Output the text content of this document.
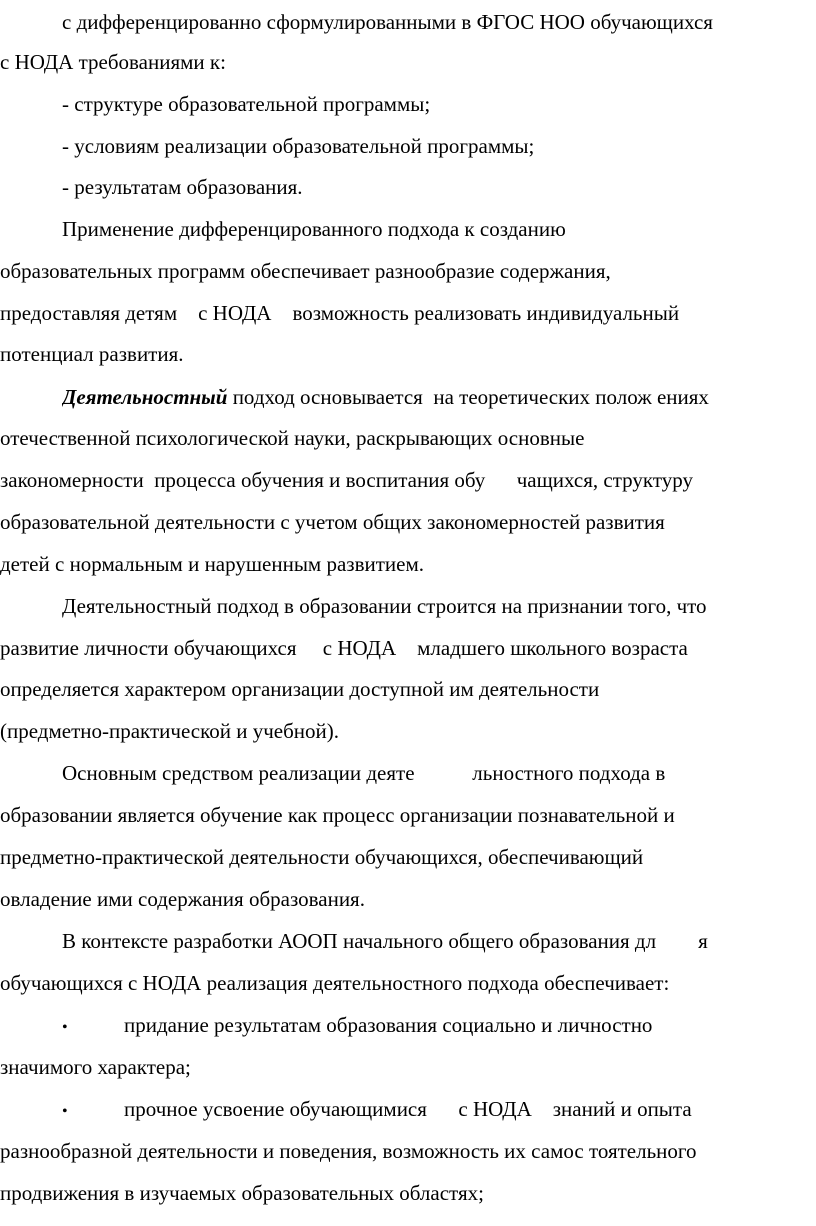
с дифференцированно сформулированными в ФГОС НОО обучающихся
с НОДА требованиями к:
- структуре образовательной программы;
- условиям реализации образовательной программы;
- результатам образования.
Применение дифференцированного подхода к созданию
образовательных программ обеспечивает разнообразие содержания,
предоставляя детям    с НОДА    возможность реализовать индивидуальный
потенциал развития.
Деятельностный подход основывается  на теоретических полож ениях
отечественной психологической науки, раскрывающих основные
закономерности  процесса обучения и воспитания обу      чащихся, структуру
образовательной деятельности с учетом общих закономерностей развития
детей с нормальным и нарушенным развитием.
Деятельностный подход в образовании строится на признании того, что
развитие личности обучающихся     с НОДА    младшего школьного возраста
определяется характером организации доступной им деятельности
(предметно-практической и учебной).
Основным средством реализации деяте           льностного подхода в
образовании является обучение как процесс организации познавательной и
предметно-практической деятельности обучающихся, обеспечивающий
овладение ими содержания образования.
В контексте разработки АООП начального общего образования дл        я
обучающихся с НОДА реализация деятельностного подхода обеспечивает:
•придание результатам образования социально и личностно
значимого характера;
• прочное усвоение обучающимися      с НОДА    знаний и опыта
разнообразной деятельности и поведения, возможность их самос тоятельного
продвижения в изучаемых образовательных областях;
